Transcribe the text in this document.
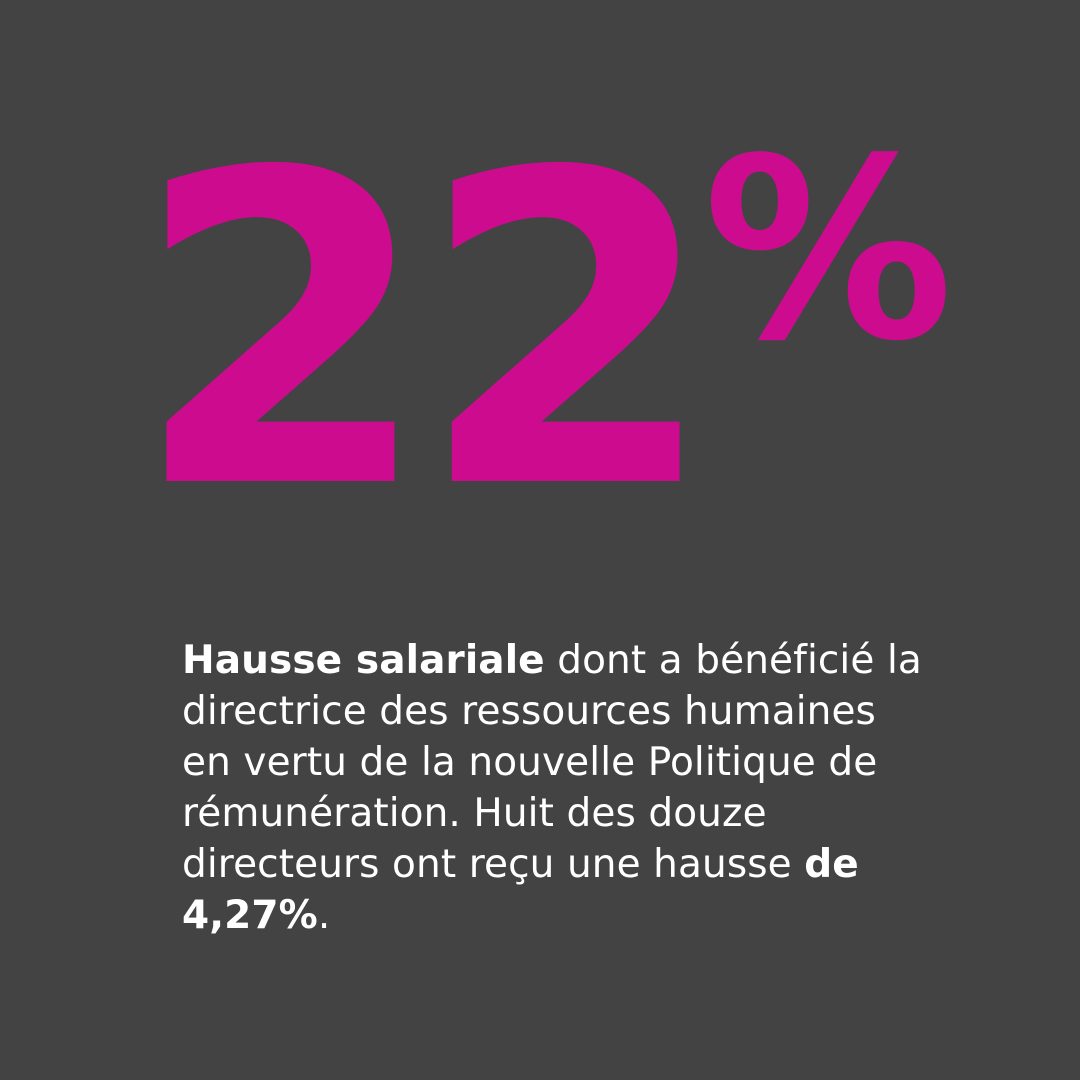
22%

Hausse salariale dont a bénéficié la directrice des ressources humaines en vertu de la nouvelle Politique de rémunération. Huit des douze directeurs ont reçu une hausse de 4,27%.
